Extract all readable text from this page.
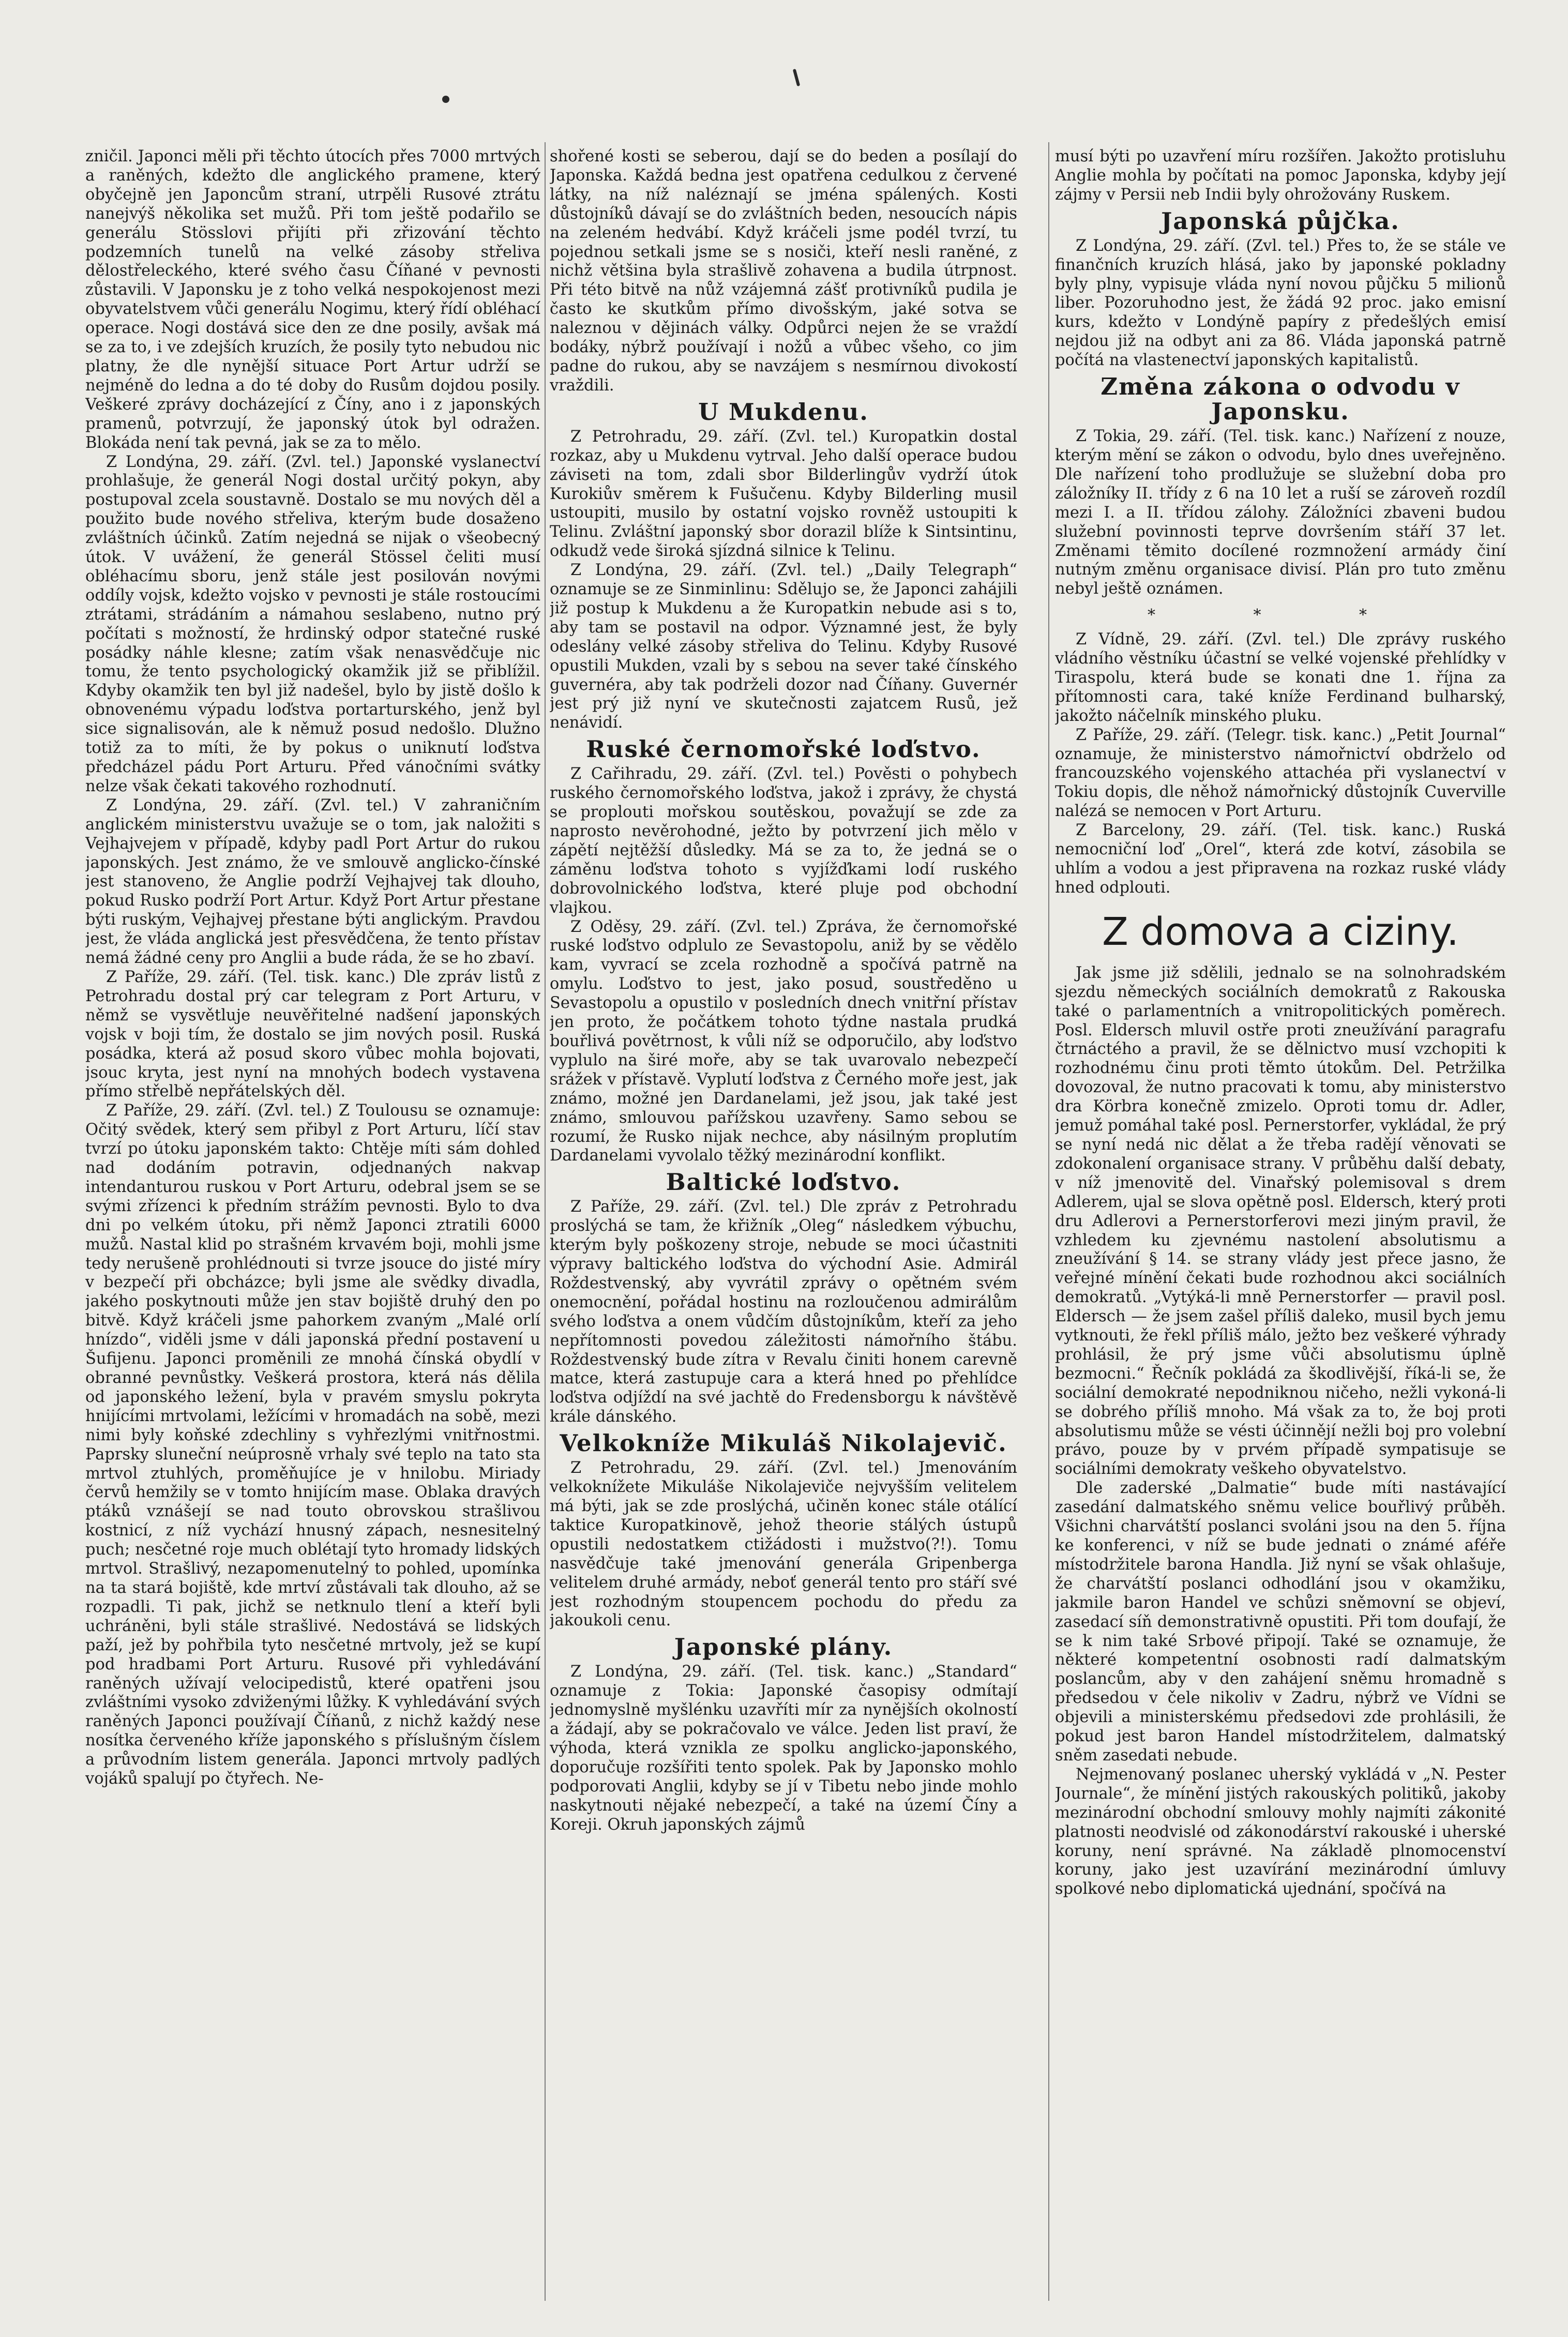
zničil. Japonci měli při těchto útocích přes 7000 mrtvých a raněných, kdežto dle anglického pramene, který obyčejně jen Japoncům straní, utrpěli Rusové ztrátu nanejvýš několika set mužů. Při tom ještě podařilo se generálu Stösslovi přijíti při zřizování těchto podzemních tunelů na velké zásoby střeliva dělostřeleckého, které svého času Číňané v pevnosti zůstavili. V Japonsku je z toho velká nespokojenost mezi obyvatelstvem vůči generálu Nogimu, který řídí obléhací operace. Nogi dostává sice den ze dne posily, avšak má se za to, i ve zdejších kruzích, že posily tyto nebudou nic platny, že dle nynější situace Port Artur udrží se nejméně do ledna a do té doby do Rusům dojdou posily. Veškeré zprávy docházející z Číny, ano i z japonských pramenů, potvrzují, že japonský útok byl odražen. Blokáda není tak pevná, jak se za to mělo.

Z Londýna, 29. září. (Zvl. tel.) Japonské vyslanectví prohlašuje, že generál Nogi dostal určitý pokyn, aby postupoval zcela soustavně. Dostalo se mu nových děl a použito bude nového střeliva, kterým bude dosaženo zvláštních účinků. Zatím nejedná se nijak o všeobecný útok. V uvážení, že generál Stössel čeliti musí obléhacímu sboru, jenž stále jest posilován novými oddíly vojsk, kdežto vojsko v pevnosti je stále rostoucími ztrátami, strádáním a námahou seslabeno, nutno prý počítati s možností, že hrdinský odpor statečné ruské posádky náhle klesne; zatím však nenasvědčuje nic tomu, že tento psychologický okamžik již se přiblížil. Kdyby okamžik ten byl již nadešel, bylo by jistě došlo k obnovenému výpadu loďstva portarturského, jenž byl sice signalisován, ale k němuž posud nedošlo. Dlužno totiž za to míti, že by pokus o uniknutí loďstva předcházel pádu Port Arturu. Před vánočními svátky nelze však čekati takového rozhodnutí.

Z Londýna, 29. září. (Zvl. tel.) V zahraničním anglickém ministerstvu uvažuje se o tom, jak naložiti s Vejhajvejem v případě, kdyby padl Port Artur do rukou japonských. Jest známo, že ve smlouvě anglicko-čínské jest stanoveno, že Anglie podrží Vejhajvej tak dlouho, pokud Rusko podrží Port Artur. Když Port Artur přestane býti ruským, Vejhajvej přestane býti anglickým. Pravdou jest, že vláda anglická jest přesvědčena, že tento přístav nemá žádné ceny pro Anglii a bude ráda, že se ho zbaví.

Z Paříže, 29. září. (Tel. tisk. kanc.) Dle zpráv listů z Petrohradu dostal prý car telegram z Port Arturu, v němž se vysvětluje neuvěřitelné nadšení japonských vojsk v boji tím, že dostalo se jim nových posil. Ruská posádka, která až posud skoro vůbec mohla bojovati, jsouc kryta, jest nyní na mnohých bodech vystavena přímo střelbě nepřátelských děl.

Z Paříže, 29. září. (Zvl. tel.) Z Toulousu se oznamuje: Očitý svědek, který sem přibyl z Port Arturu, líčí stav tvrzí po útoku japonském takto: Chtěje míti sám dohled nad dodáním potravin, odjednaných nakvap intendanturou ruskou v Port Arturu, odebral jsem se se svými zřízenci k předním strážím pevnosti. Bylo to dva dni po velkém útoku, při němž Japonci ztratili 6000 mužů. Nastal klid po strašném krvavém boji, mohli jsme tedy nerušeně prohlédnouti si tvrze jsouce do jisté míry v bezpečí při obcházce; byli jsme ale svědky divadla, jakého poskytnouti může jen stav bojiště druhý den po bitvě. Když kráčeli jsme pahorkem zvaným „Malé orlí hnízdo“, viděli jsme v dáli japonská přední postavení u Šufijenu. Japonci proměnili ze mnohá čínská obydlí v obranné pevnůstky. Veškerá prostora, která nás dělila od japonského ležení, byla v pravém smyslu pokryta hnijícími mrtvolami, ležícími v hromadách na sobě, mezi nimi byly koňské zdechliny s vyhřezlými vnitřnostmi. Paprsky sluneční neúprosně vrhaly své teplo na tato sta mrtvol ztuhlých, proměňujíce je v hnilobu. Miriady červů hemžily se v tomto hnijícím mase. Oblaka dravých ptáků vznášejí se nad touto obrovskou strašlivou kostnicí, z níž vychází hnusný zápach, nesnesitelný puch; nesčetné roje much oblétají tyto hromady lidských mrtvol. Strašlivý, nezapomenutelný to pohled, upomínka na ta stará bojiště, kde mrtví zůstávali tak dlouho, až se rozpadli. Ti pak, jichž se netknulo tlení a kteří byli uchráněni, byli stále strašlivé. Nedostává se lidských paží, jež by pohřbila tyto nesčetné mrtvoly, jež se kupí pod hradbami Port Arturu. Rusové při vyhledávání raněných užívají velocipedistů, které opatřeni jsou zvláštními vysoko zdviženými lůžky. K vyhledávání svých raněných Japonci používají Číňanů, z nichž každý nese nosítka červeného kříže japonského s příslušným číslem a průvodním listem generála. Japonci mrtvoly padlých vojáků spalují po čtyřech. Ne-

shořené kosti se seberou, dají se do beden a posílají do Japonska. Každá bedna jest opatřena cedulkou z červené látky, na níž naléznají se jména spálených. Kosti důstojníků dávají se do zvláštních beden, nesoucích nápis na zeleném hedvábí. Když kráčeli jsme podél tvrzí, tu pojednou setkali jsme se s nosiči, kteří nesli raněné, z nichž většina byla strašlivě zohavena a budila útrpnost. Při této bitvě na nůž vzájemná zášť protivníků pudila je často ke skutkům přímo divošským, jaké sotva se naleznou v dějinách války. Odpůrci nejen že se vraždí bodáky, nýbrž používají i nožů a vůbec všeho, co jim padne do rukou, aby se navzájem s nesmírnou divokostí vraždili.

U Mukdenu.

Z Petrohradu, 29. září. (Zvl. tel.) Kuropatkin dostal rozkaz, aby u Mukdenu vytrval. Jeho další operace budou záviseti na tom, zdali sbor Bilderlingův vydrží útok Kurokiův směrem k Fušučenu. Kdyby Bilderling musil ustoupiti, musilo by ostatní vojsko rovněž ustoupiti k Telinu. Zvláštní japonský sbor dorazil blíže k Sintsintinu, odkudž vede široká sjízdná silnice k Telinu.

Z Londýna, 29. září. (Zvl. tel.) „Daily Telegraph“ oznamuje se ze Sinminlinu: Sdělujo se, že Japonci zahájili již postup k Mukdenu a že Kuropatkin nebude asi s to, aby tam se postavil na odpor. Významné jest, že byly odeslány velké zásoby střeliva do Telinu. Kdyby Rusové opustili Mukden, vzali by s sebou na sever také čínského guvernéra, aby tak podrželi dozor nad Číňany. Guvernér jest prý již nyní ve skutečnosti zajatcem Rusů, jež nenávidí.

Ruské černomořské loďstvo.

Z Cařihradu, 29. září. (Zvl. tel.) Pověsti o pohybech ruského černomořského loďstva, jakož i zprávy, že chystá se proplouti mořskou soutěskou, považují se zde za naprosto nevěrohodné, ježto by potvrzení jich mělo v zápětí nejtěžší důsledky. Má se za to, že jedná se o záměnu loďstva tohoto s vyjížďkami lodí ruského dobrovolnického loďstva, které pluje pod obchodní vlajkou.

Z Oděsy, 29. září. (Zvl. tel.) Zpráva, že černomořské ruské loďstvo odplulo ze Sevastopolu, aniž by se vědělo kam, vyvrací se zcela rozhodně a spočívá patrně na omylu. Loďstvo to jest, jako posud, soustředěno u Sevastopolu a opustilo v posledních dnech vnitřní přístav jen proto, že počátkem tohoto týdne nastala prudká bouřlivá povětrnost, k vůli níž se odporučilo, aby loďstvo vyplulo na širé moře, aby se tak uvarovalo nebezpečí srážek v přístavě. Vyplutí loďstva z Černého moře jest, jak známo, možné jen Dardanelami, jež jsou, jak také jest známo, smlouvou pařížskou uzavřeny. Samo sebou se rozumí, že Rusko nijak nechce, aby násilným proplutím Dardanelami vyvolalo těžký mezinárodní konflikt.

Baltické loďstvo.

Z Paříže, 29. září. (Zvl. tel.) Dle zpráv z Petrohradu proslýchá se tam, že křižník „Oleg“ následkem výbuchu, kterým byly poškozeny stroje, nebude se moci účastniti výpravy baltického loďstva do východní Asie. Admirál Roždestvenský, aby vyvrátil zprávy o opětném svém onemocnění, pořádal hostinu na rozloučenou admirálům svého loďstva a onem vůdčím důstojníkům, kteří za jeho nepřítomnosti povedou záležitosti námořního štábu. Roždestvenský bude zítra v Revalu činiti honem carevně matce, která zastupuje cara a která hned po přehlídce loďstva odjíždí na své jachtě do Fredensborgu k návštěvě krále dánského.

Velkokníže Mikuláš Nikolajevič.

Z Petrohradu, 29. září. (Zvl. tel.) Jmenováním velkoknížete Mikuláše Nikolajeviče nejvyšším velitelem má býti, jak se zde proslýchá, učiněn konec stále otálící taktice Kuropatkinově, jehož theorie stálých ústupů opustili nedostatkem ctižádosti i mužstvo(?!). Tomu nasvědčuje také jmenování generála Gripenberga velitelem druhé armády, neboť generál tento pro stáří své jest rozhodným stoupencem pochodu do předu za jakoukoli cenu.

Japonské plány.

Z Londýna, 29. září. (Tel. tisk. kanc.) „Standard“ oznamuje z Tokia: Japonské časopisy odmítají jednomyslně myšlénku uzavříti mír za nynějších okolností a žádají, aby se pokračovalo ve válce. Jeden list praví, že výhoda, která vznikla ze spolku anglicko-japonského, doporučuje rozšířiti tento spolek. Pak by Japonsko mohlo podporovati Anglii, kdyby se jí v Tibetu nebo jinde mohlo naskytnouti nějaké nebezpečí, a také na území Číny a Koreji. Okruh japonských zájmů

musí býti po uzavření míru rozšířen. Jakožto protisluhu Anglie mohla by počítati na pomoc Japonska, kdyby její zájmy v Persii neb Indii byly ohrožovány Ruskem.

Japonská půjčka.

Z Londýna, 29. září. (Zvl. tel.) Přes to, že se stále ve finančních kruzích hlásá, jako by japonské pokladny byly plny, vypisuje vláda nyní novou půjčku 5 milionů liber. Pozoruhodno jest, že žádá 92 proc. jako emisní kurs, kdežto v Londýně papíry z předešlých emisí nejdou již na odbyt ani za 86. Vláda japonská patrně počítá na vlastenectví japonských kapitalistů.

Změna zákona o odvodu v Japonsku.

Z Tokia, 29. září. (Tel. tisk. kanc.) Nařízení z nouze, kterým mění se zákon o odvodu, bylo dnes uveřejněno. Dle nařízení toho prodlužuje se služební doba pro záložníky II. třídy z 6 na 10 let a ruší se zároveň rozdíl mezi I. a II. třídou zálohy. Záložníci zbaveni budou služební povinnosti teprve dovršením stáří 37 let. Změnami těmito docílené rozmnožení armády činí nutným změnu organisace divisí. Plán pro tuto změnu nebyl ještě oznámen.

* * *

Z Vídně, 29. září. (Zvl. tel.) Dle zprávy ruského vládního věstníku účastní se velké vojenské přehlídky v Tiraspolu, která bude se konati dne 1. října za přítomnosti cara, také kníže Ferdinand bulharský, jakožto náčelník minského pluku.

Z Paříže, 29. září. (Telegr. tisk. kanc.) „Petit Journal“ oznamuje, že ministerstvo námořnictví obdrželo od francouzského vojenského attachéa při vyslanectví v Tokiu dopis, dle něhož námořnický důstojník Cuverville nalézá se nemocen v Port Arturu.

Z Barcelony, 29. září. (Tel. tisk. kanc.) Ruská nemocniční loď „Orel“, která zde kotví, zásobila se uhlím a vodou a jest připravena na rozkaz ruské vlády hned odplouti.

Z domova a ciziny.

Jak jsme již sdělili, jednalo se na solnohradském sjezdu německých sociálních demokratů z Rakouska také o parlamentních a vnitropolitických poměrech. Posl. Eldersch mluvil ostře proti zneužívání paragrafu čtrnáctého a pravil, že se dělnictvo musí vzchopiti k rozhodnému činu proti těmto útokům. Del. Petržilka dovozoval, že nutno pracovati k tomu, aby ministerstvo dra Körbra konečně zmizelo. Oproti tomu dr. Adler, jemuž pomáhal také posl. Pernerstorfer, vykládal, že prý se nyní nedá nic dělat a že třeba radějí věnovati se zdokonalení organisace strany. V průběhu další debaty, v níž jmenovitě del. Vinařský polemisoval s drem Adlerem, ujal se slova opětně posl. Eldersch, který proti dru Adlerovi a Pernerstorferovi mezi jiným pravil, že vzhledem ku zjevnému nastolení absolutismu a zneužívání § 14. se strany vlády jest přece jasno, že veřejné mínění čekati bude rozhodnou akci sociálních demokratů. „Vytýká-li mně Pernerstorfer — pravil posl. Eldersch — že jsem zašel příliš daleko, musil bych jemu vytknouti, že řekl příliš málo, ježto bez veškeré výhrady prohlásil, že prý jsme vůči absolutismu úplně bezmocni.“ Řečník pokládá za škodlivější, říká-li se, že sociální demokraté nepodniknou ničeho, nežli vykoná-li se dobrého příliš mnoho. Má však za to, že boj proti absolutismu může se vésti účinnějí nežli boj pro volební právo, pouze by v prvém případě sympatisuje se sociálními demokraty veškeho obyvatelstvo.

Dle zaderské „Dalmatie“ bude míti nastávající zasedání dalmatského sněmu velice bouřlivý průběh. Všichni charvátští poslanci svoláni jsou na den 5. října ke konferenci, v níž se bude jednati o známé aféře místodržitele barona Handla. Již nyní se však ohlašuje, že charvátští poslanci odhodlání jsou v okamžiku, jakmile baron Handel ve schůzi sněmovní se objeví, zasedací síň demonstrativně opustiti. Při tom doufají, že se k nim také Srbové připojí. Také se oznamuje, že některé kompetentní osobnosti radí dalmatským poslancům, aby v den zahájení sněmu hromadně s předsedou v čele nikoliv v Zadru, nýbrž ve Vídni se objevili a ministerskému předsedovi zde prohlásili, že pokud jest baron Handel místodržitelem, dalmatský sněm zasedati nebude.

Nejmenovaný poslanec uherský vykládá v „N. Pester Journale“, že mínění jistých rakouských politiků, jakoby mezinárodní obchodní smlouvy mohly najmíti zákonité platnosti neodvislé od zákonodárství rakouské i uherské koruny, není správné. Na základě plnomocenství koruny, jako jest uzavírání mezinárodní úmluvy spolkové nebo diplomatická ujednání, spočívá na
